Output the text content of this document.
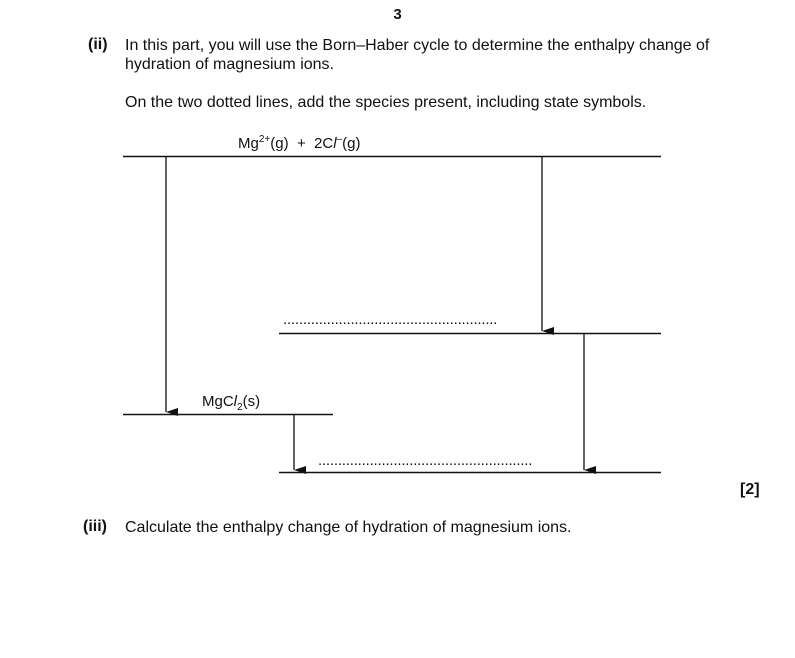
3
(ii) In this part, you will use the Born–Haber cycle to determine the enthalpy change of
hydration of magnesium ions.
On the two dotted lines, add the species present, including state symbols.
$Mg^{2+}(g) + 2Cl^-(g)$
......................................................
MgCl$_2$(s)
......................................................
[2]
(iii) Calculate the enthalpy change of hydration of magnesium ions.
